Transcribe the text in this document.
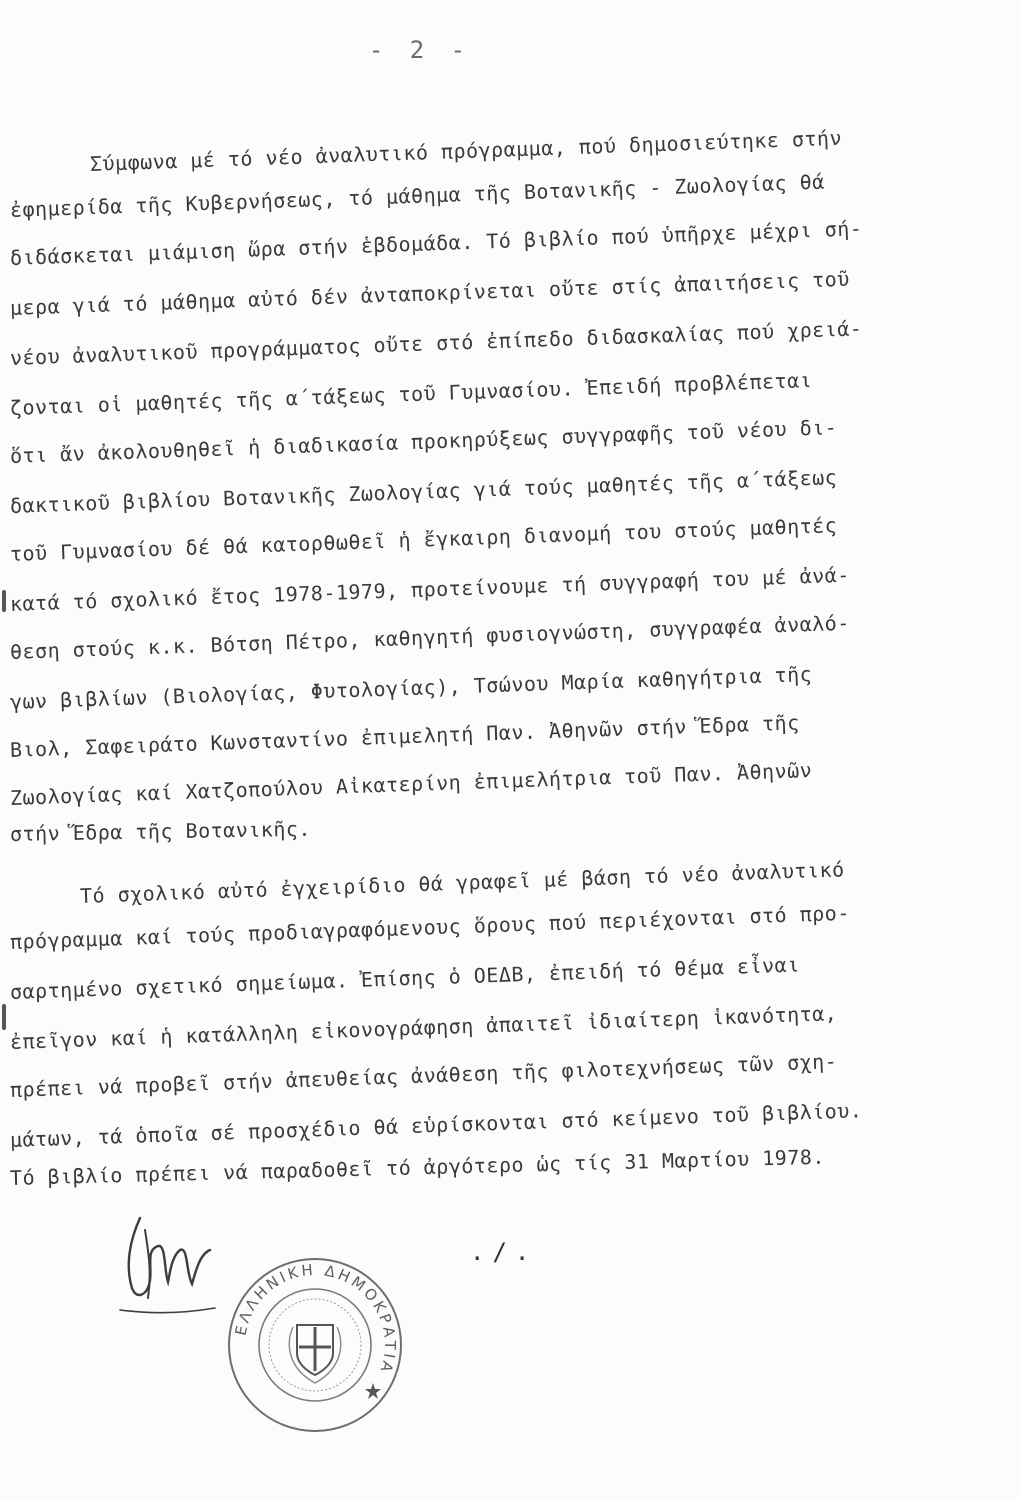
- 2 -
Σύμφωνα μέ τό νέο ἀναλυτικό πρόγραμμα, πού δημοσιεύτηκε στήν
ἐφημερίδα τῆς Κυβερνήσεως, τό μάθημα τῆς Βοτανικῆς - Ζωολογίας θά
διδάσκεται μιάμιση ὥρα στήν ἑβδομάδα. Τό βιβλίο πού ὑπῆρχε μέχρι σή-
μερα γιά τό μάθημα αὐτό δέν ἀνταποκρίνεται οὔτε στίς ἀπαιτήσεις τοῦ
νέου ἀναλυτικοῦ προγράμματος οὔτε στό ἐπίπεδο διδασκαλίας πού χρειά-
ζονται οἱ μαθητές τῆς α΄τάξεως τοῦ Γυμνασίου. Ἐπειδή προβλέπεται
ὅτι ἄν ἀκολουθηθεῖ ἡ διαδικασία προκηρύξεως συγγραφῆς τοῦ νέου δι-
δακτικοῦ βιβλίου Βοτανικῆς Ζωολογίας γιά τούς μαθητές τῆς α΄τάξεως
τοῦ Γυμνασίου δέ θά κατορθωθεῖ ἡ ἔγκαιρη διανομή του στούς μαθητές
κατά τό σχολικό ἔτος 1978-1979, προτείνουμε τή συγγραφή του μέ ἀνά-
θεση στούς κ.κ. Βότση Πέτρο, καθηγητή φυσιογνώστη, συγγραφέα ἀναλό-
γων βιβλίων (Βιολογίας, Φυτολογίας), Τσώνου Μαρία καθηγήτρια τῆς
Βιολ, Σαφειράτο Κωνσταντίνο ἐπιμελητή Παν. Ἀθηνῶν στήν Ἕδρα τῆς
Ζωολογίας καί Χατζοπούλου Αἰκατερίνη ἐπιμελήτρια τοῦ Παν. Ἀθηνῶν
στήν Ἕδρα τῆς Βοτανικῆς.
Τό σχολικό αὐτό ἐγχειρίδιο θά γραφεῖ μέ βάση τό νέο ἀναλυτικό
πρόγραμμα καί τούς προδιαγραφόμενους ὅρους πού περιέχονται στό προ-
σαρτημένο σχετικό σημείωμα. Ἐπίσης ὁ ΟΕΔΒ, ἐπειδή τό θέμα εἶναι
ἐπεῖγον καί ἡ κατάλληλη εἰκονογράφηση ἀπαιτεῖ ἰδιαίτερη ἱκανότητα,
πρέπει νά προβεῖ στήν ἀπευθείας ἀνάθεση τῆς φιλοτεχνήσεως τῶν σχη-
μάτων, τά ὁποῖα σέ προσχέδιο θά εὑρίσκονται στό κείμενο τοῦ βιβλίου.
Τό βιβλίο πρέπει νά παραδοθεῖ τό ἀργότερο ὡς τίς 31 Μαρτίου 1978.
./.
ΕΛΛΗΝΙΚΗ ΔΗΜΟΚΡΑΤΙΑ
